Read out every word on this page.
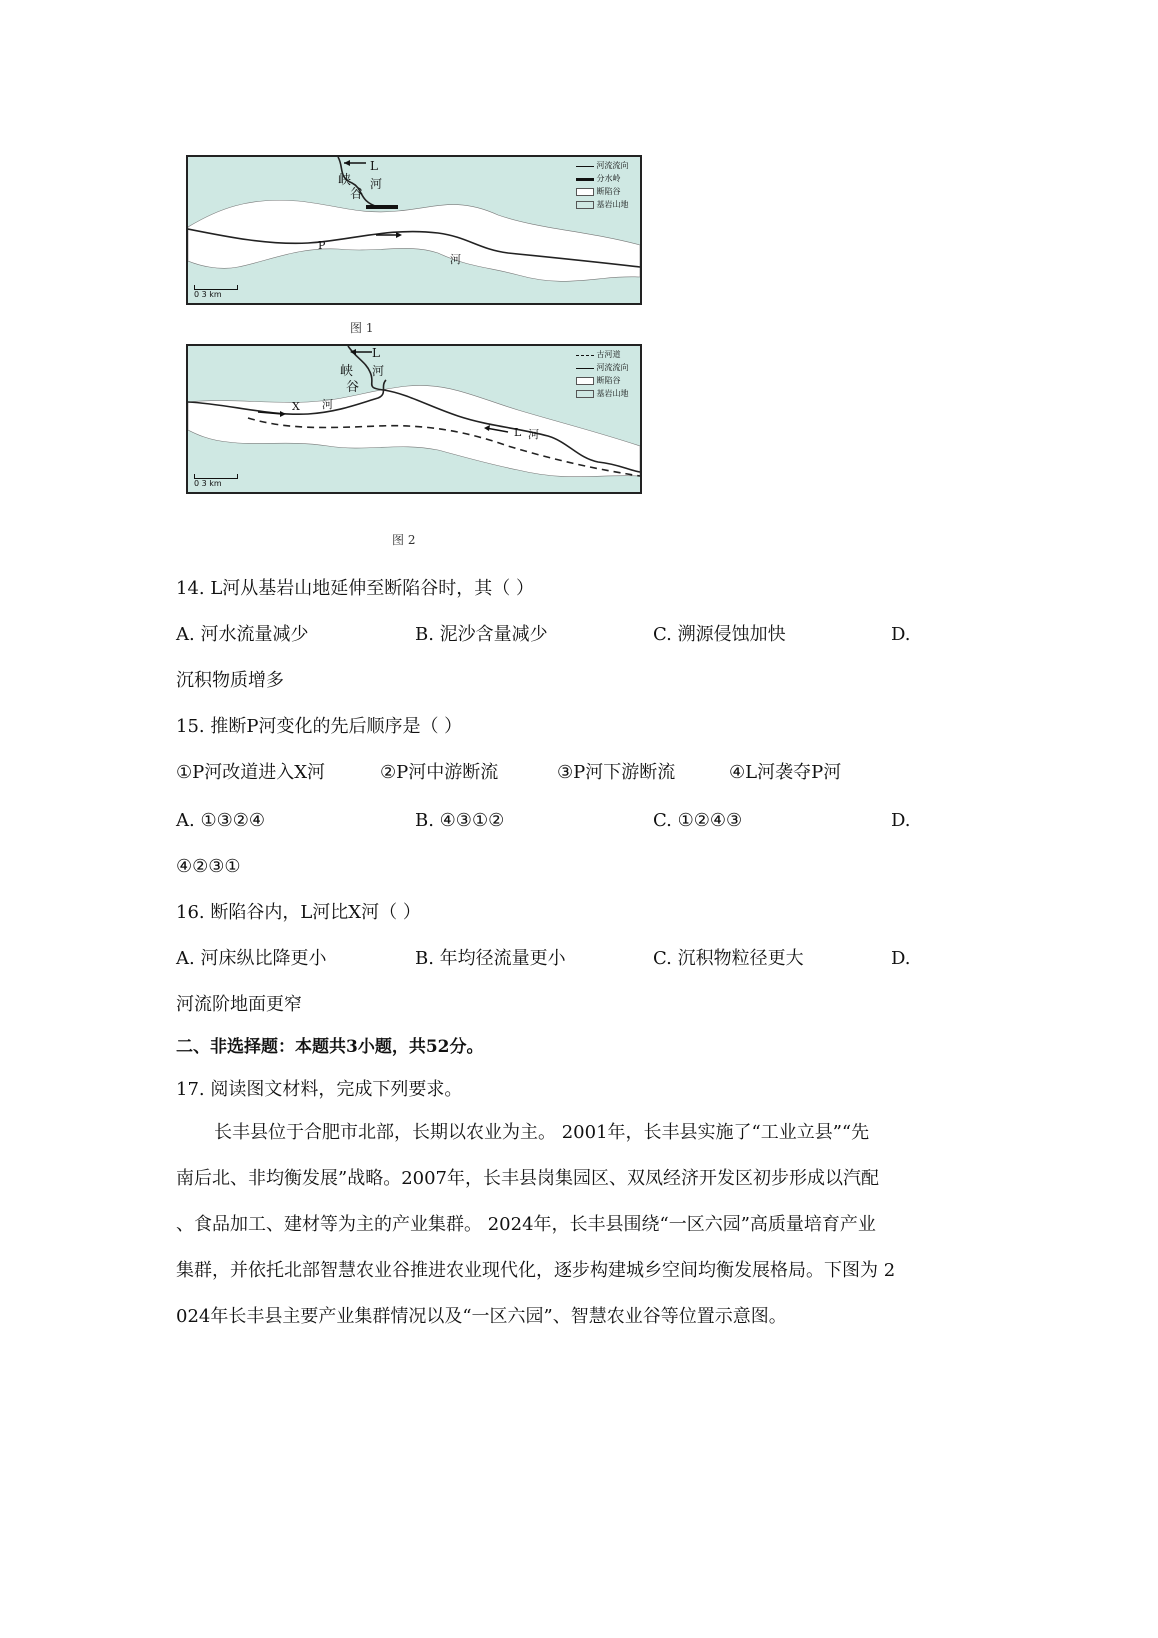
峡
谷
L
河
P
河
河流流向
分水岭
断陷谷
基岩山地
0 3 km
图 1
峡
谷
L
河
X 河
L 河
古河道
河流流向
断陷谷
基岩山地
0 3 km
图 2
14. L河从基岩山地延伸至断陷谷时，其（ ）
A. 河水流量减少	B. 泥沙含量减少	C. 溯源侵蚀加快	D.
沉积物质增多
15. 推断P河变化的先后顺序是（ ）
①P河改道进入X河	②P河中游断流	③P河下游断流	④L河袭夺P河
A. ①③②④	B. ④③①②	C. ①②④③	D.
④②③①
16. 断陷谷内，L河比X河（ ）
A. 河床纵比降更小	B. 年均径流量更小	C. 沉积物粒径更大	D.
河流阶地面更窄
二、非选择题：本题共3小题，共52分。
17. 阅读图文材料，完成下列要求。
长丰县位于合肥市北部，长期以农业为主。 2001年，长丰县实施了“工业立县”“先
南后北、非均衡发展”战略。2007年，长丰县岗集园区、双凤经济开发区初步形成以汽配
、食品加工、建材等为主的产业集群。 2024年，长丰县围绕“一区六园”高质量培育产业
集群，并依托北部智慧农业谷推进农业现代化，逐步构建城乡空间均衡发展格局。下图为 2
024年长丰县主要产业集群情况以及“一区六园”、智慧农业谷等位置示意图。
